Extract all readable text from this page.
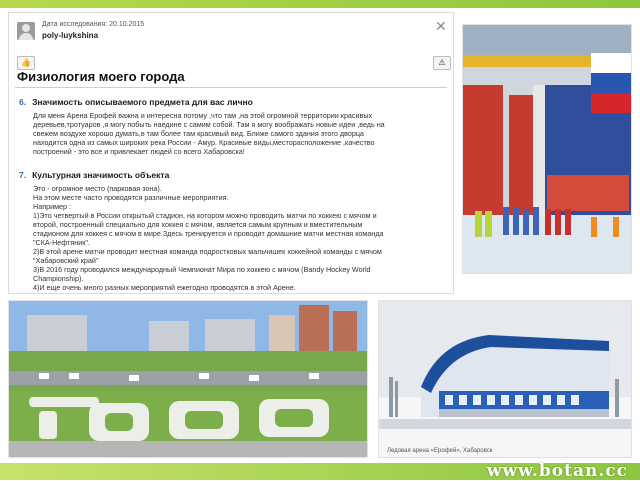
Дата исследования: 20.10.2015
poly-luykshina
✕
👍	⚠
Физиология моего города
6. Значимость описываемого предмета для вас лично

Для меня Арена Ерофей важна и интересна потому ,что там ,на этой огромной территории красивых
деревьев,тротуаров ,я могу побыть наедине с самим собой. Там я могу воображать новые идеи ,ведь на
свежем воздухе хорошо думать,в там более там красивый вид. Ближе самого здания этого дворца
находится одна из самых широких река России - Амур. Красивые виды,месторасположение ,качество
построений - это все и привлекает людей со всего Хабаровска!

7. Культурная значимость объекта

Это - огромное место (парковая зона).
На этом месте часто проводятся различные мероприятия.
Например :
1)Это четвертый в России открытый стадион, на котором можно проводить матчи по хоккею с мячом и
второй, построенный специально для хоккея с мячом, является самым крупным и вместительным
стадионом для хоккея с мячом в мире.Здесь тренируется и проводит домашние матчи местная команда
"СКА-Нефтяник".
2)В этой арене матчи проводит местная команда подростковых мальчишек хоккейной команды с мячом
"Хабаровский край"
3)В 2016 году проводился международный Чемпионат Мира по хоккею с мячом (Bandy Hockey World
Championship).
4)И еще очень много разных мероприятий ежегодно проводятся в этой Арене.

Ледовая арена «Ерофей», Хабаровск
www.botan.cc
